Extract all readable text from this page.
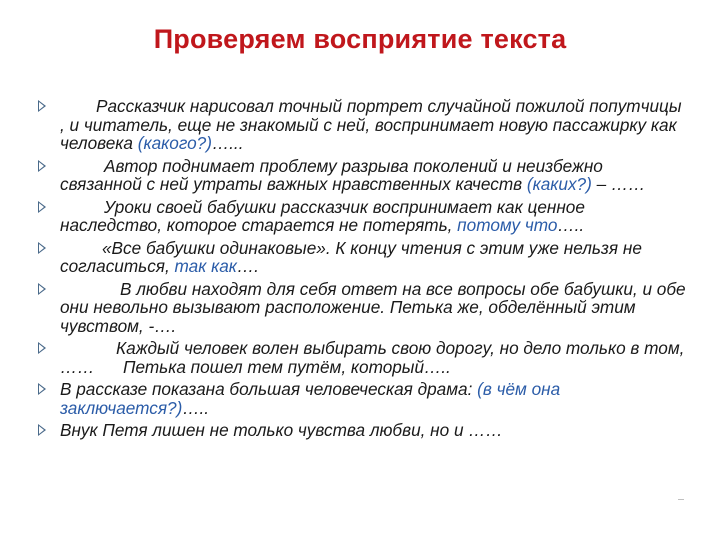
Проверяем восприятие текста
Рассказчик нарисовал точный портрет случайной пожилой попутчицы , и читатель, еще не знакомый с ней, воспринимает новую пассажирку как человека (какого?)…...
Автор поднимает проблему разрыва поколений и неизбежно связанной с ней утраты важных нравственных качеств (каких?) – ……
Уроки своей бабушки рассказчик воспринимает как ценное наследство, которое старается не потерять, потому что…..
«Все бабушки одинаковые». К концу чтения с этим уже нельзя не согласиться, так как….
В любви находят для себя ответ на все вопросы обе бабушки, и обе они невольно вызывают расположение. Петька же, обделённый этим чувством, -….
Каждый человек волен выбирать свою дорогу, но дело только в том, ……      Петька пошел тем путём, который…..
В рассказе показана большая человеческая драма: (в чём она заключается?)…..
Внук Петя лишен не только чувства любви, но и ……
